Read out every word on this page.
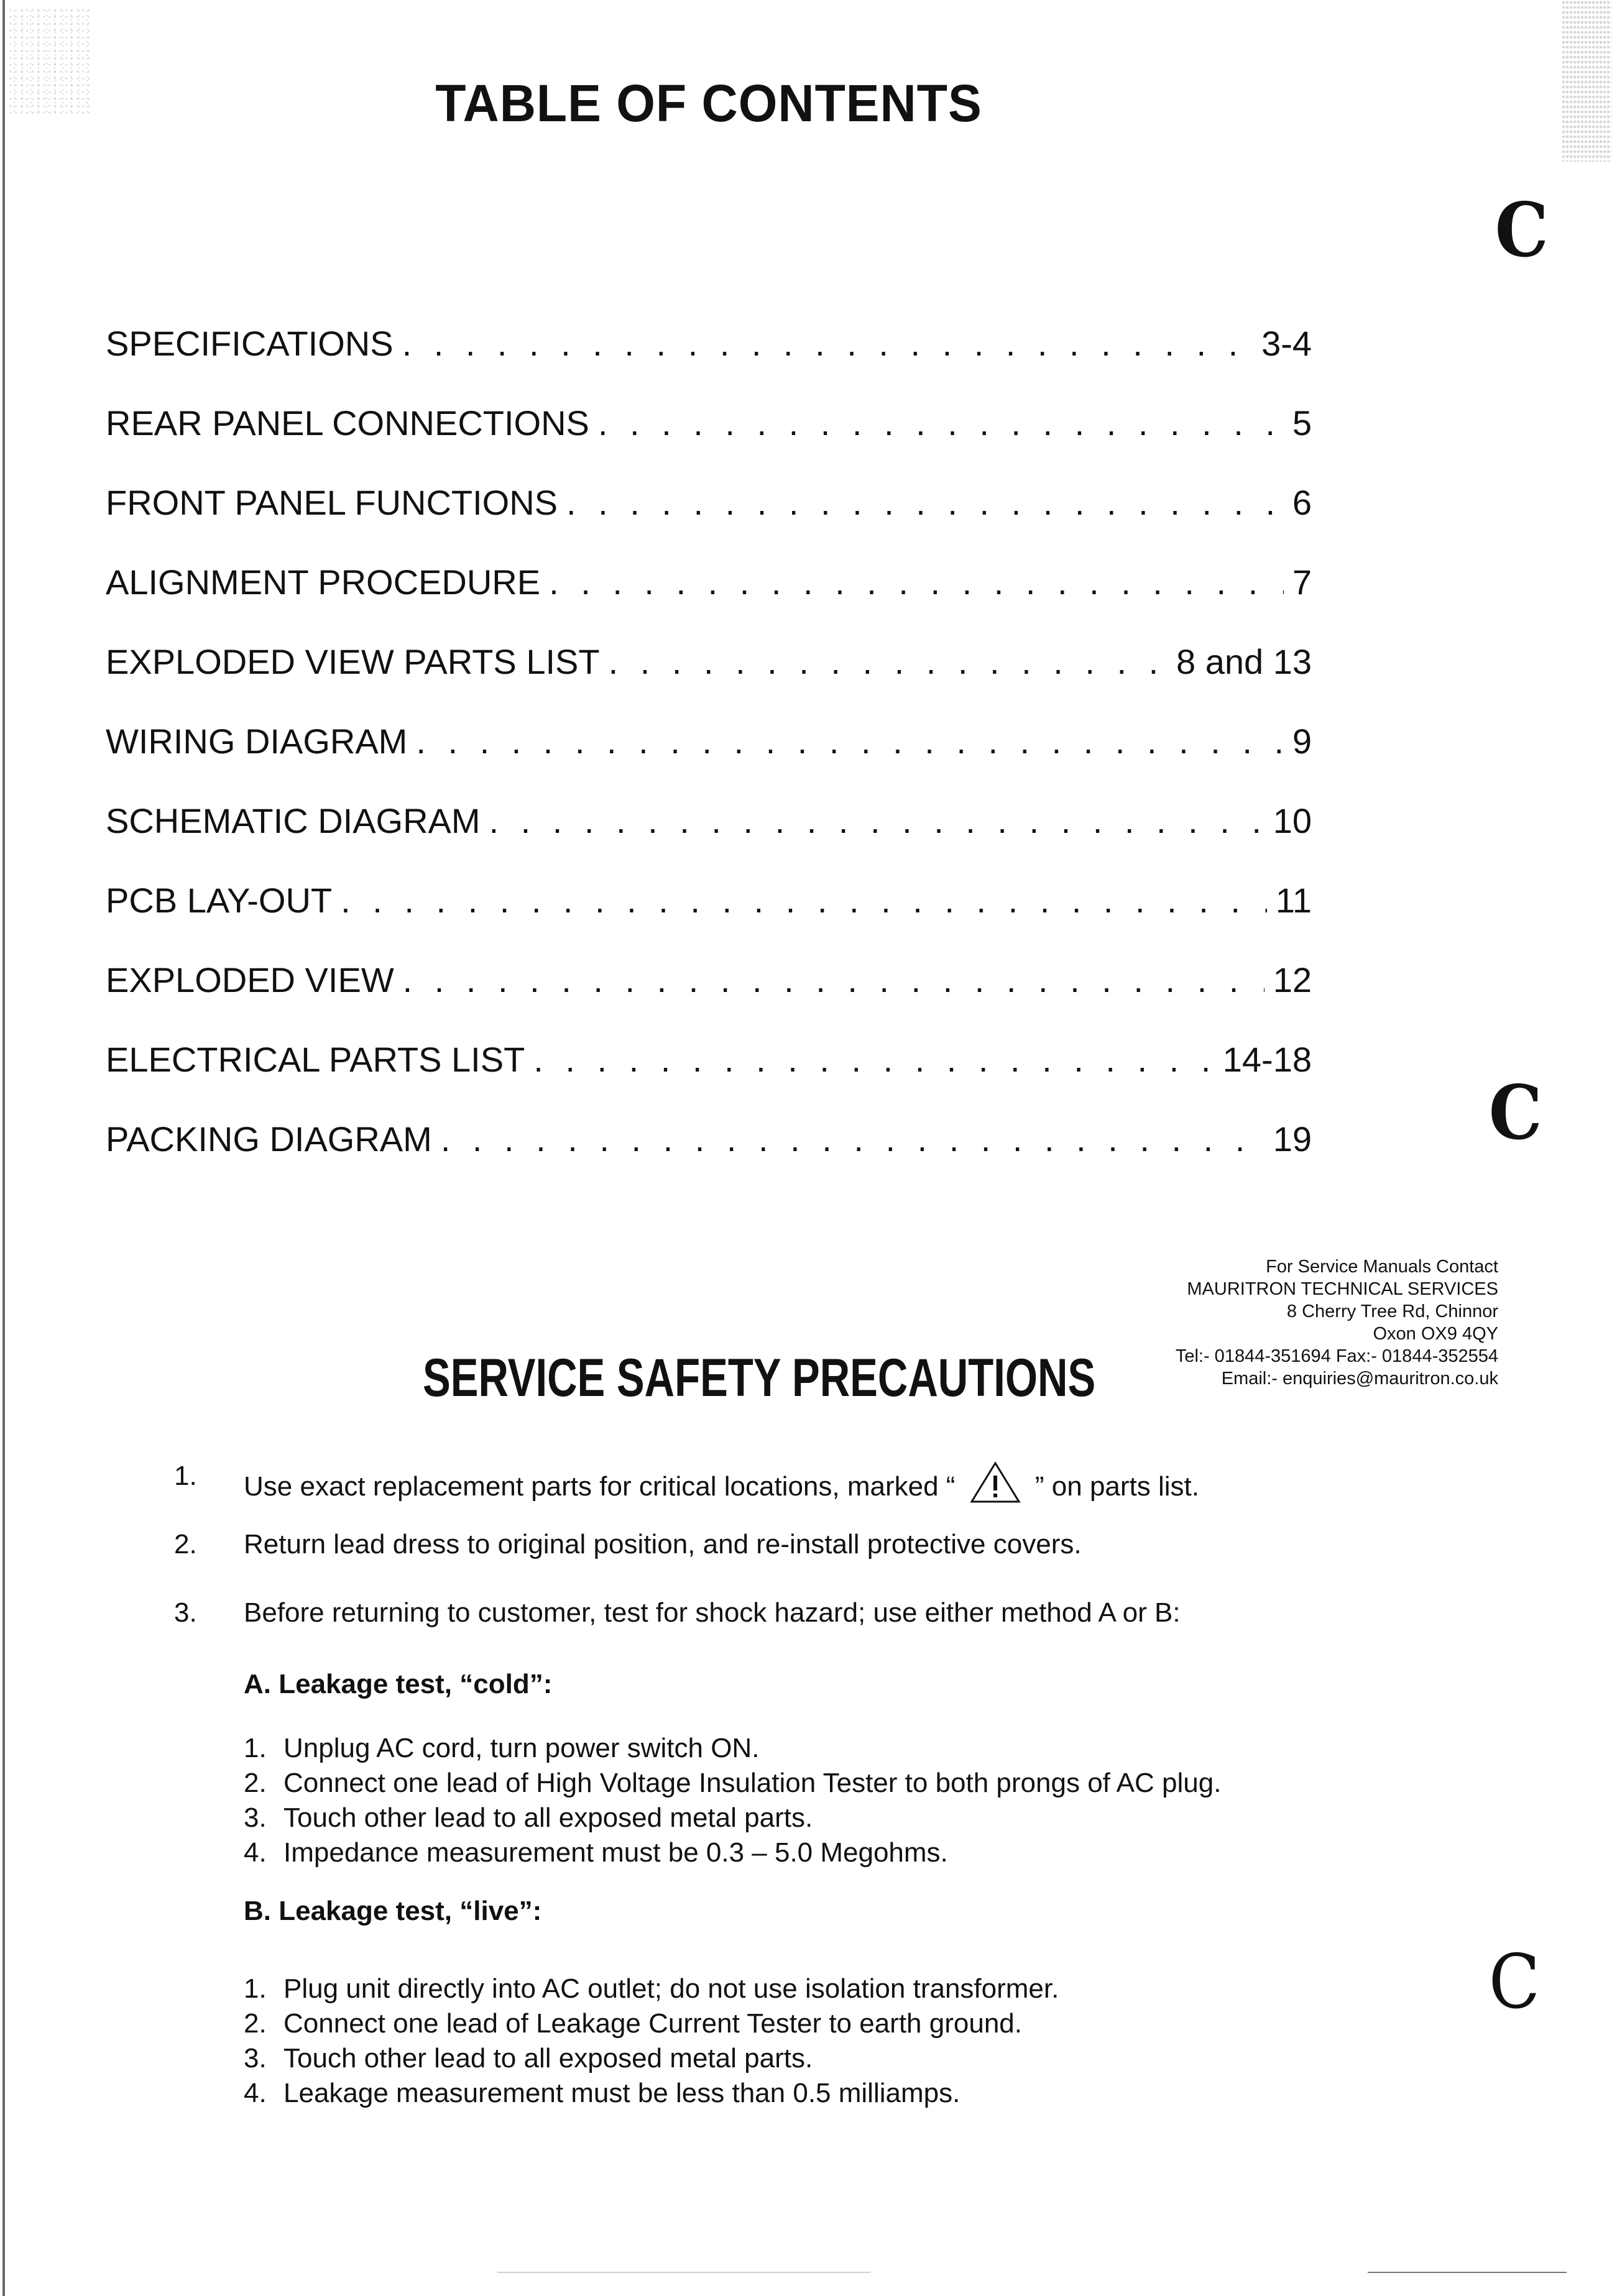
TABLE OF CONTENTS
SPECIFICATIONS . . .	3-4
REAR PANEL CONNECTIONS . . .	5
FRONT PANEL FUNCTIONS . . .	6
ALIGNMENT PROCEDURE . . .	7
EXPLODED VIEW PARTS LIST . . .	8 and 13
WIRING DIAGRAM . . .	9
SCHEMATIC DIAGRAM . . .	10
PCB LAY-OUT . . .	11
EXPLODED VIEW . . .	12
ELECTRICAL PARTS LIST . . .	14-18
PACKING DIAGRAM . . .	19
For Service Manuals Contact
MAURITRON TECHNICAL SERVICES
8 Cherry Tree Rd, Chinnor
Oxon OX9 4QY
Tel:- 01844-351694 Fax:- 01844-352554
Email:- enquiries@mauritron.co.uk
SERVICE SAFETY PRECAUTIONS
1.	Use exact replacement parts for critical locations, marked “	” on parts list.
2.	Return lead dress to original position, and re-install protective covers.
3.	Before returning to customer, test for shock hazard; use either method A or B:
A. Leakage test, “cold”:
1. Unplug AC cord, turn power switch ON.
2. Connect one lead of High Voltage Insulation Tester to both prongs of AC plug.
3. Touch other lead to all exposed metal parts.
4. Impedance measurement must be 0.3 – 5.0 Megohms.
B. Leakage test, “live”:
1. Plug unit directly into AC outlet; do not use isolation transformer.
2. Connect one lead of Leakage Current Tester to earth ground.
3. Touch other lead to all exposed metal parts.
4. Leakage measurement must be less than 0.5 milliamps.
C
C
C
